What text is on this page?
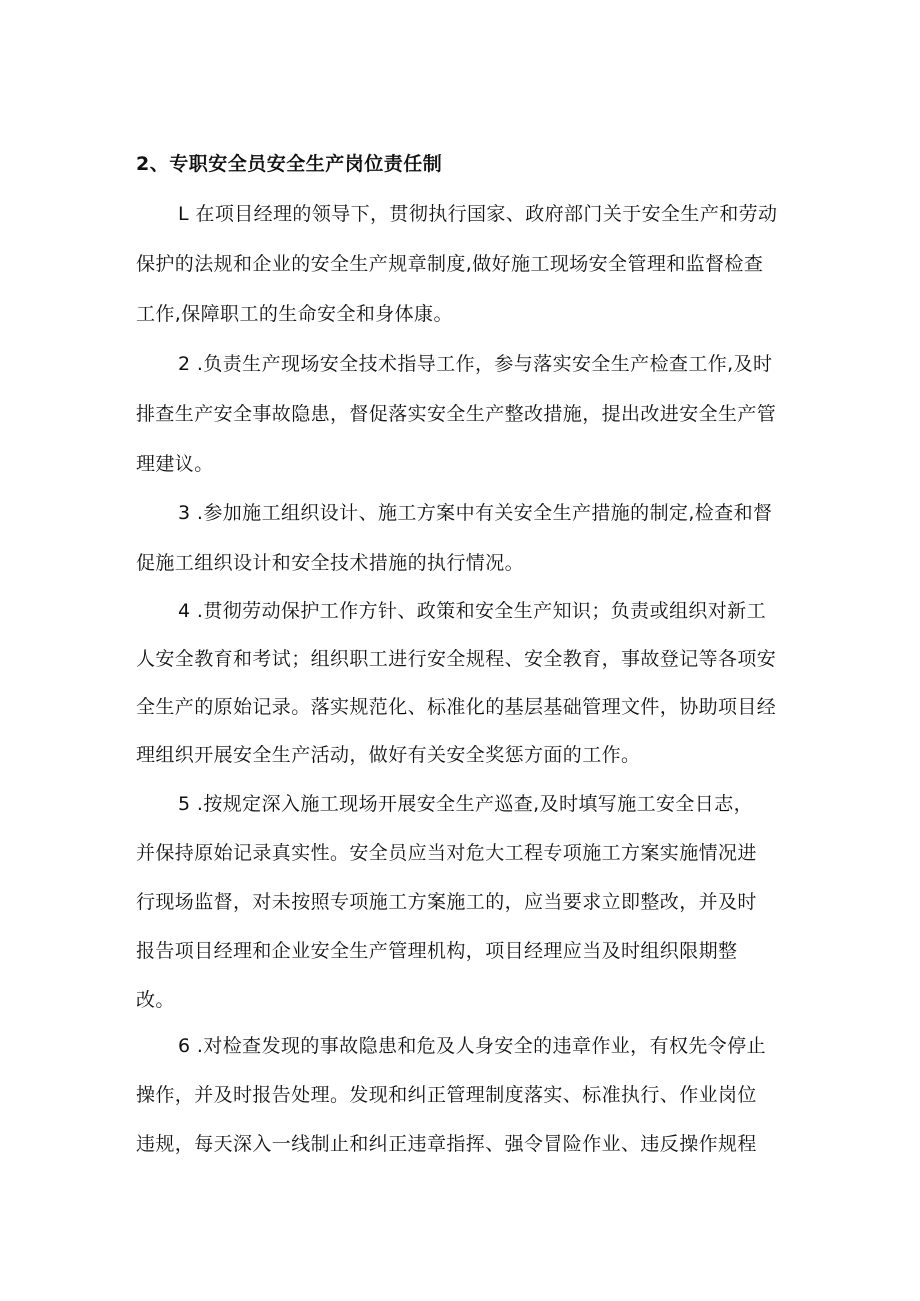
2、专职安全员安全生产岗位责任制
L 在项目经理的领导下，贯彻执行国家、政府部门关于安全生产和劳动
保护的法规和企业的安全生产规章制度,做好施工现场安全管理和监督检查
工作,保障职工的生命安全和身体康。
2 .负责生产现场安全技术指导工作，参与落实安全生产检查工作,及时
排查生产安全事故隐患，督促落实安全生产整改措施，提出改进安全生产管
理建议。
3 .参加施工组织设计、施工方案中有关安全生产措施的制定,检查和督
促施工组织设计和安全技术措施的执行情况。
4 .贯彻劳动保护工作方针、政策和安全生产知识；负责或组织对新工
人安全教育和考试；组织职工进行安全规程、安全教育，事故登记等各项安
全生产的原始记录。落实规范化、标准化的基层基础管理文件，协助项目经
理组织开展安全生产活动，做好有关安全奖惩方面的工作。
5 .按规定深入施工现场开展安全生产巡查,及时填写施工安全日志，
并保持原始记录真实性。安全员应当对危大工程专项施工方案实施情况进
行现场监督，对未按照专项施工方案施工的，应当要求立即整改，并及时
报告项目经理和企业安全生产管理机构，项目经理应当及时组织限期整
改。
6 .对检查发现的事故隐患和危及人身安全的违章作业，有权先令停止
操作，并及时报告处理。发现和纠正管理制度落实、标准执行、作业岗位
违规，每天深入一线制止和纠正违章指挥、强令冒险作业、违反操作规程
